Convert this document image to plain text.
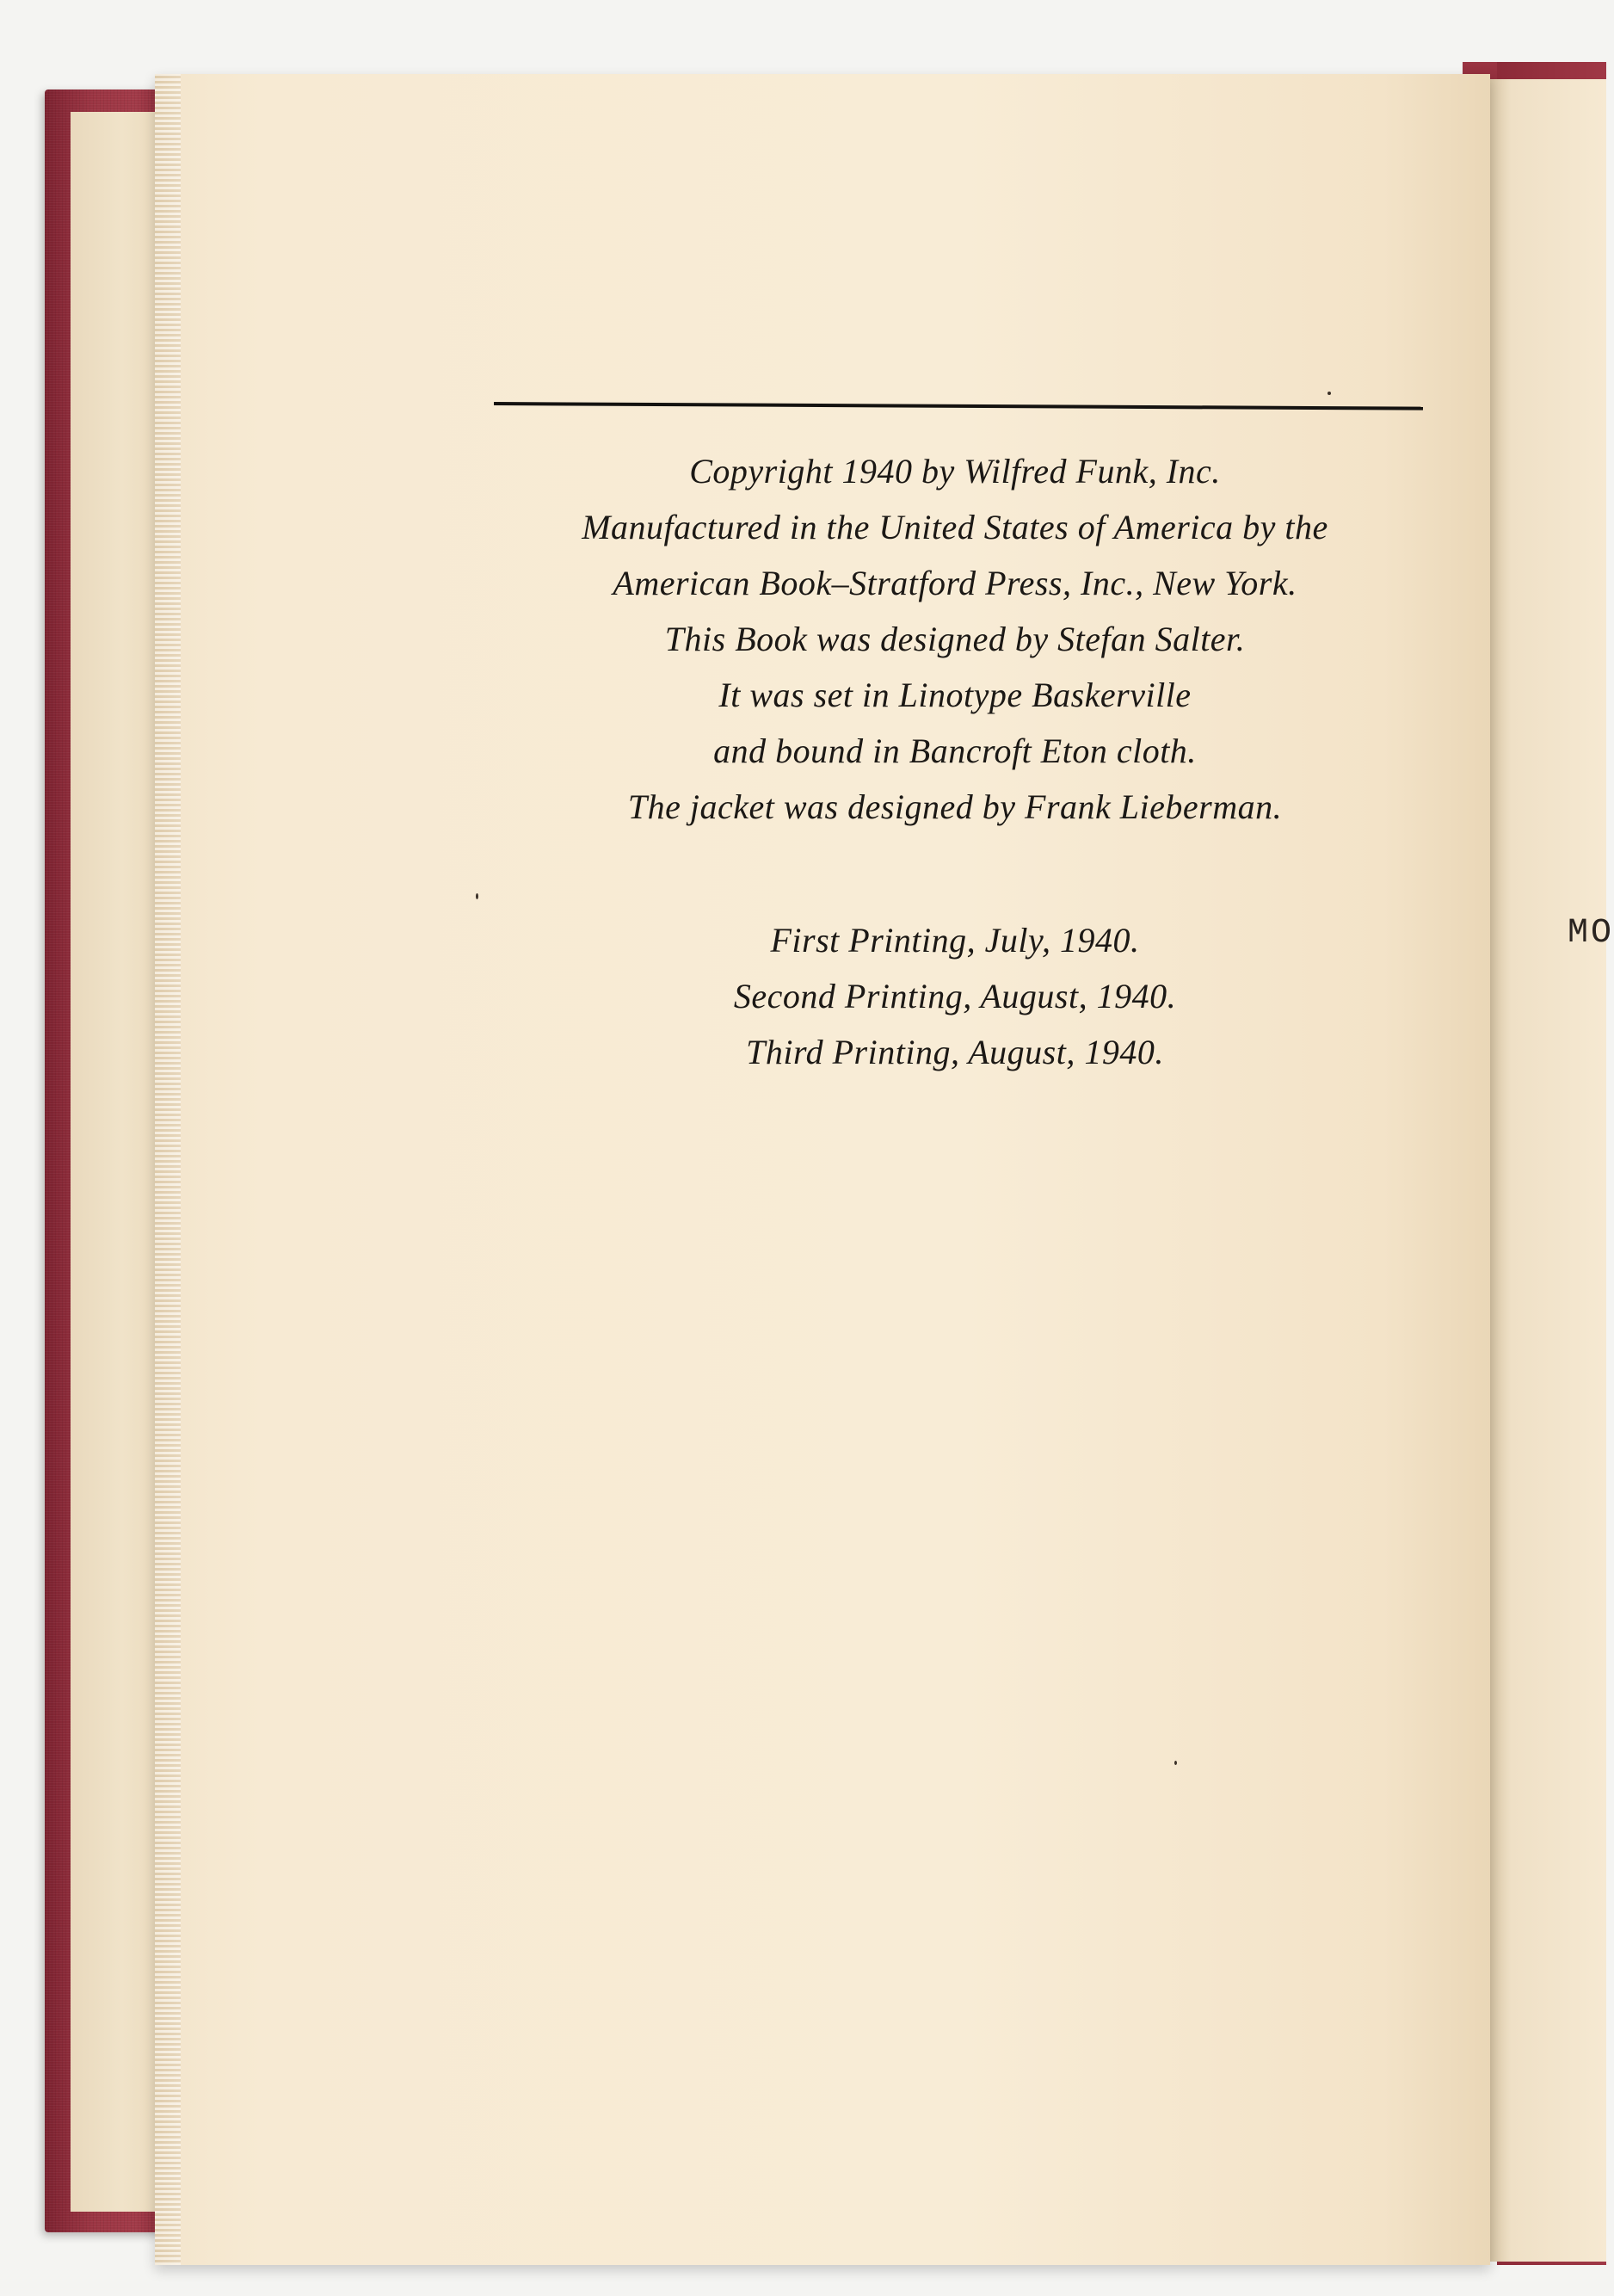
MO
Copyright 1940 by Wilfred Funk, Inc.
Manufactured in the United States of America by the
American Book–Stratford Press, Inc., New York.
This Book was designed by Stefan Salter.
It was set in Linotype Baskerville
and bound in Bancroft Eton cloth.
The jacket was designed by Frank Lieberman.
First Printing, July, 1940.
Second Printing, August, 1940.
Third Printing, August, 1940.
